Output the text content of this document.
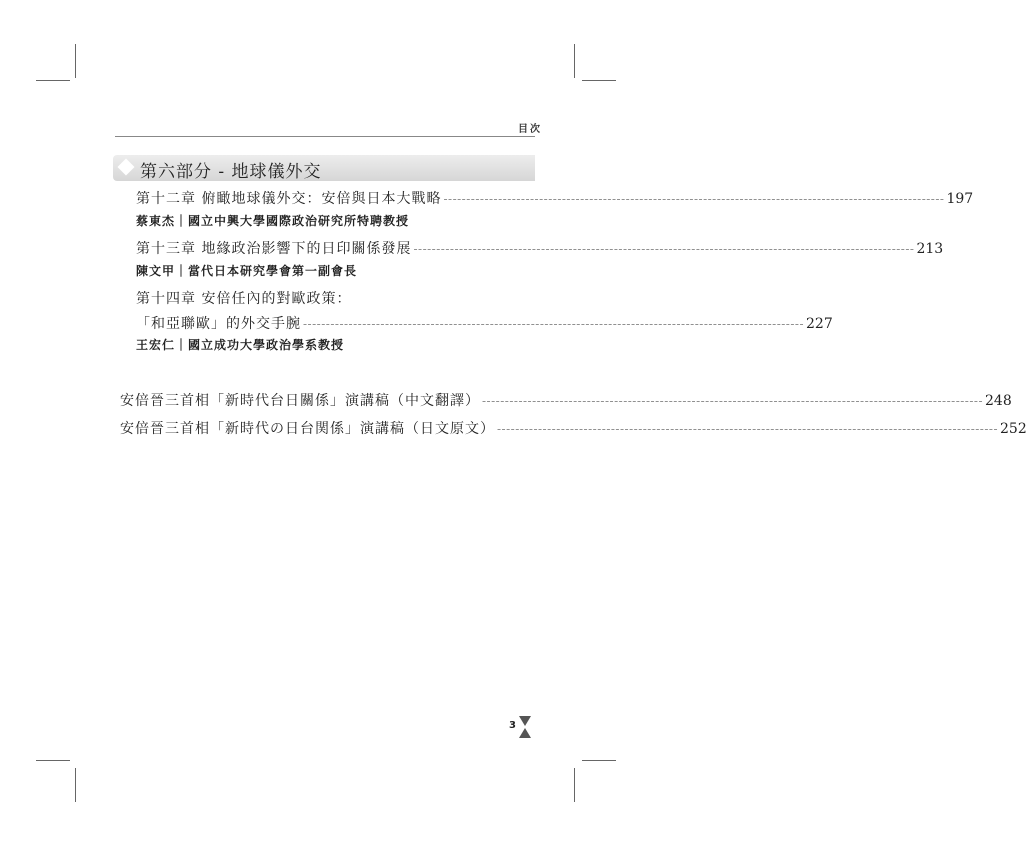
目次
第六部分 - 地球儀外交
第十二章 俯瞰地球儀外交：安倍與日本大戰略 -------------------------------------------------------------------------------------------------------------- 197
蔡東杰｜國立中興大學國際政治研究所特聘教授
第十三章 地緣政治影響下的日印關係發展 -------------------------------------------------------------------------------------------------------------- 213
陳文甲｜當代日本研究學會第一副會長
第十四章 安倍任內的對歐政策：
「和亞聯歐」的外交手腕 -------------------------------------------------------------------------------------------------------------- 227
王宏仁｜國立成功大學政治學系教授
安倍晉三首相「新時代台日關係」演講稿（中文翻譯） -------------------------------------------------------------------------------------------------------------- 248
安倍晉三首相「新時代の日台関係」演講稿（日文原文） -------------------------------------------------------------------------------------------------------------- 252
3
